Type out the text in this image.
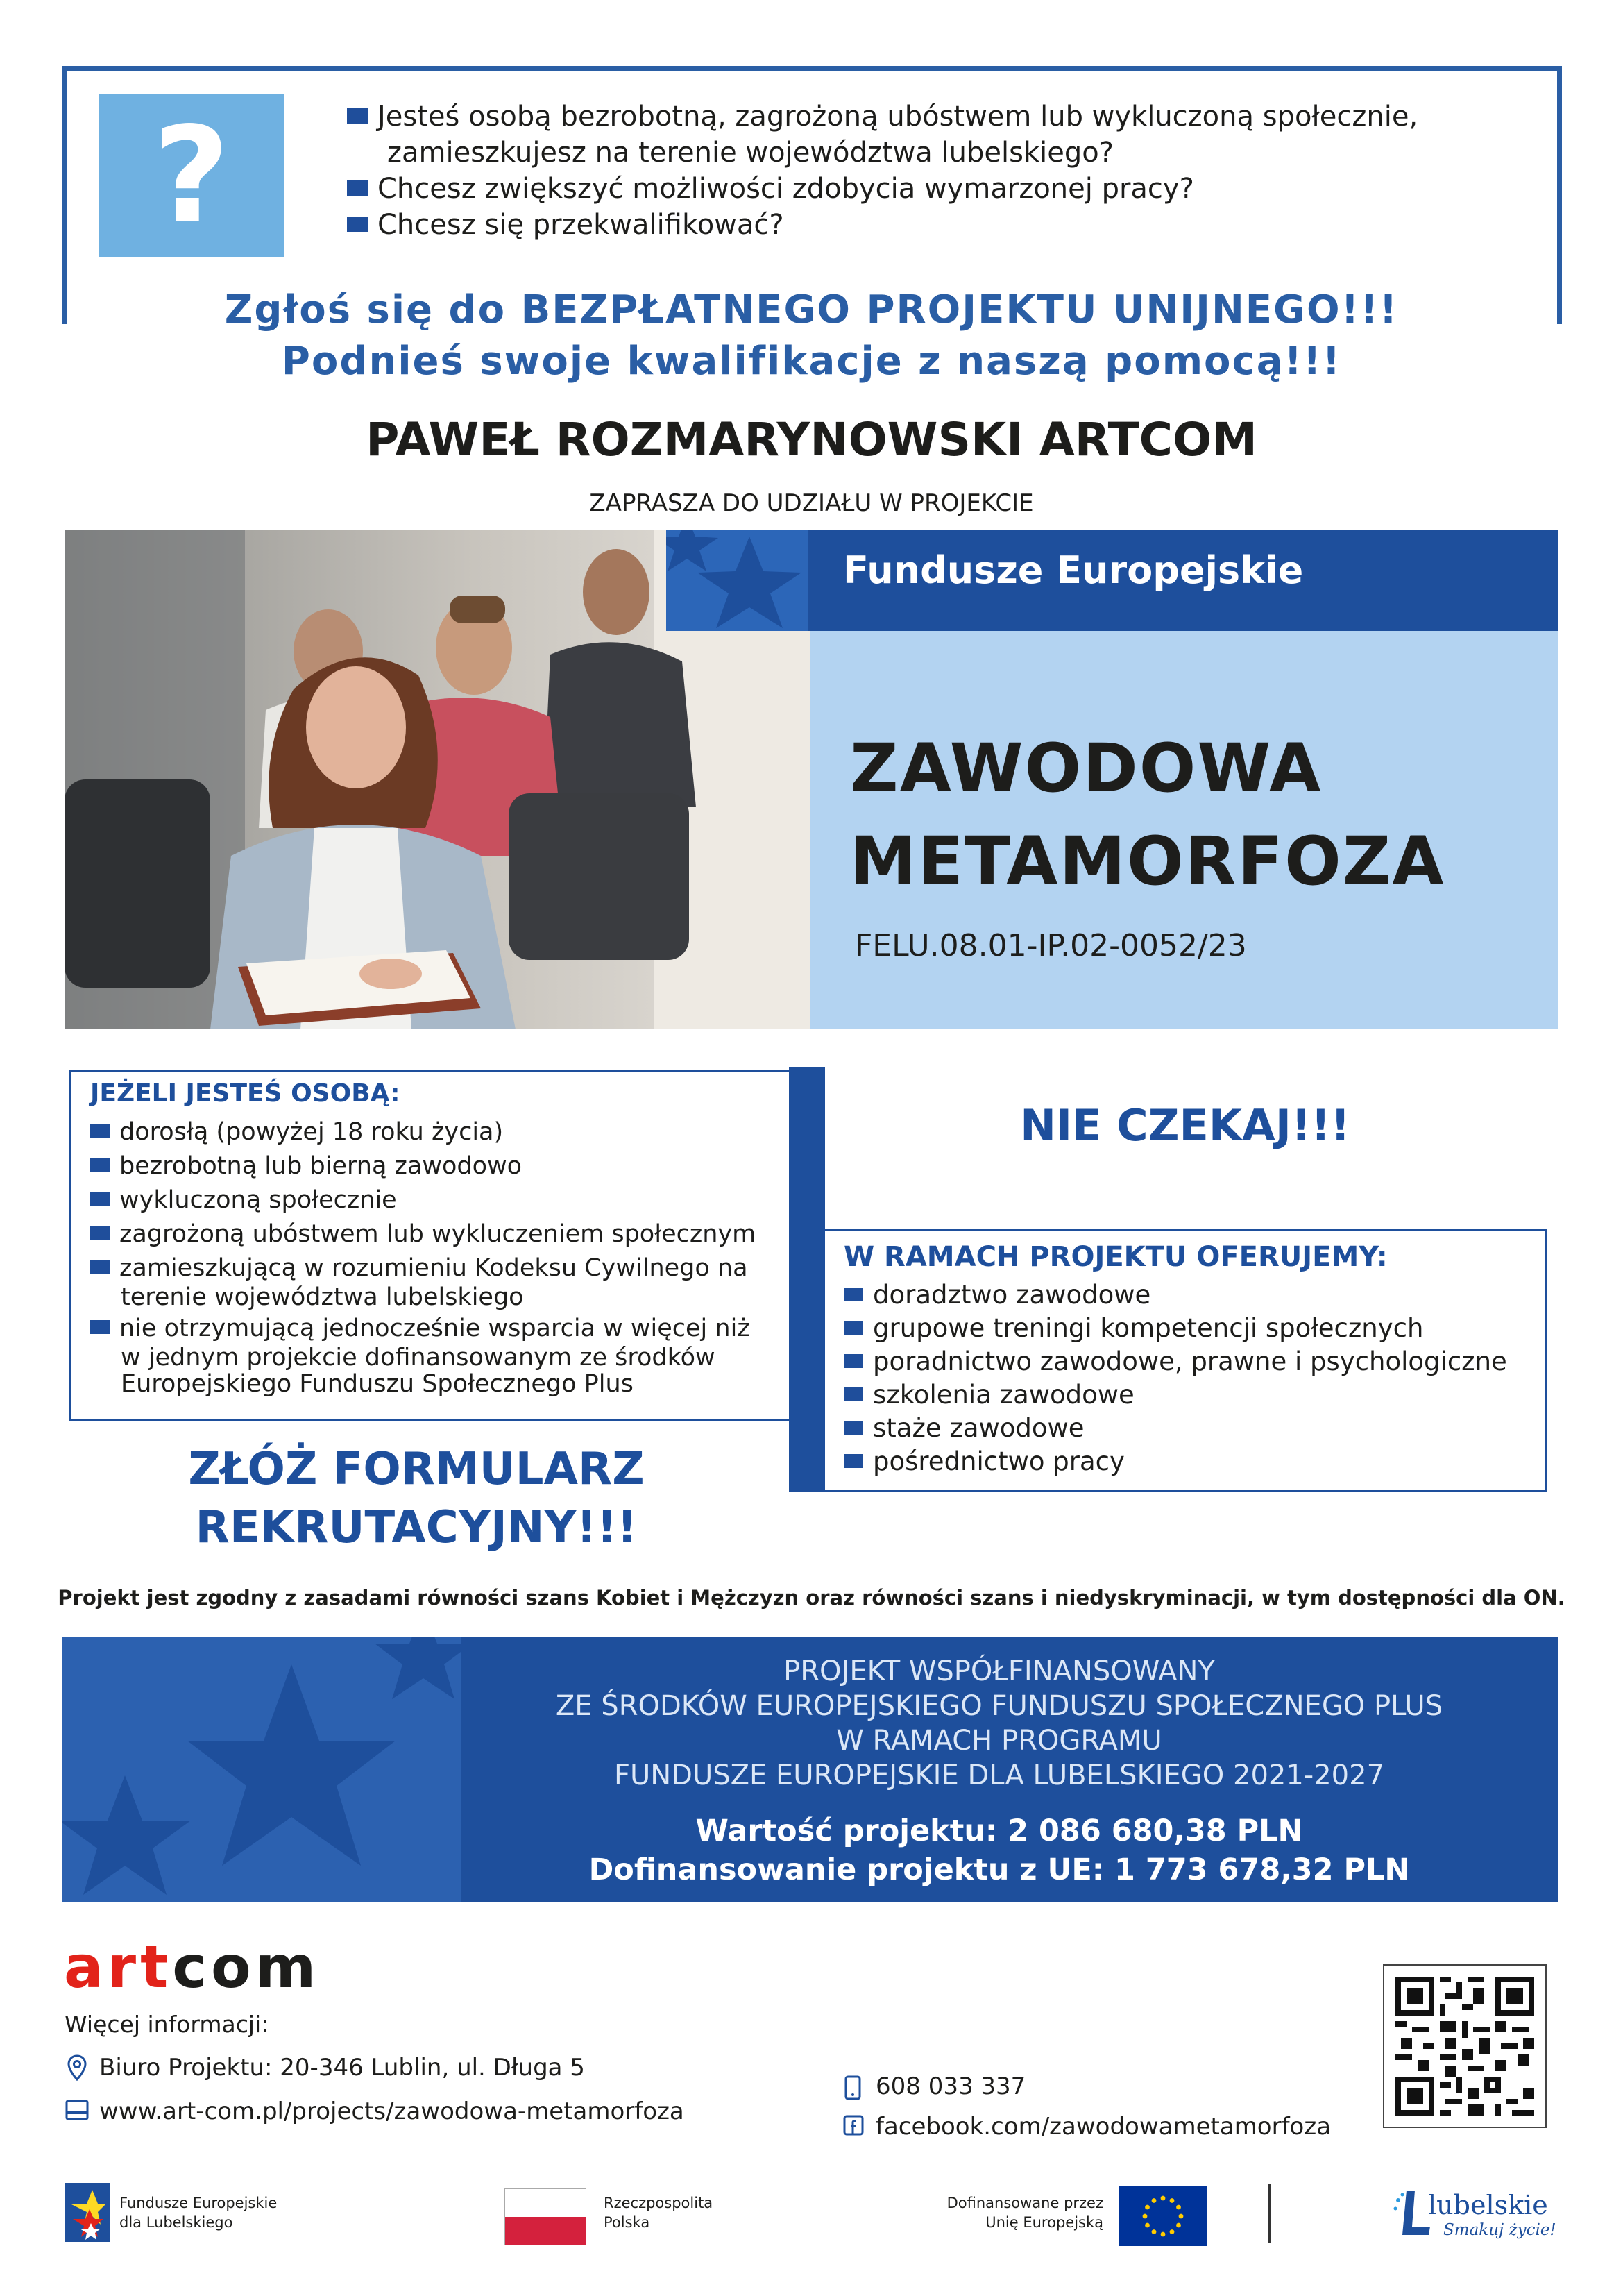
?	Jesteś osobą bezrobotną, zagrożoną ubóstwem lub wykluczoną społecznie,
zamieszkujesz na terenie województwa lubelskiego?
Chcesz zwiększyć możliwości zdobycia wymarzonej pracy?
Chcesz się przekwalifikować?
Zgłoś się do BEZPŁATNEGO PROJEKTU UNIJNEGO!!!
Podnieś swoje kwalifikacje z naszą pomocą!!!
PAWEŁ ROZMARYNOWSKI ARTCOM
ZAPRASZA DO UDZIAŁU W PROJEKCIE
Fundusze Europejskie
ZAWODOWA
METAMORFOZA
FELU.08.01-IP.02-0052/23
JEŻELI JESTEŚ OSOBĄ:
dorosłą (powyżej 18 roku życia)
bezrobotną lub bierną zawodowo
wykluczoną społecznie
zagrożoną ubóstwem lub wykluczeniem społecznym
zamieszkującą w rozumieniu Kodeksu Cywilnego na
terenie województwa lubelskiego
nie otrzymującą jednocześnie wsparcia w więcej niż
w jednym projekcie dofinansowanym ze środków
Europejskiego Funduszu Społecznego Plus
NIE CZEKAJ!!!
W RAMACH PROJEKTU OFERUJEMY:
doradztwo zawodowe
grupowe treningi kompetencji społecznych
poradnictwo zawodowe, prawne i psychologiczne
szkolenia zawodowe
staże zawodowe
pośrednictwo pracy
ZŁÓŻ FORMULARZ
REKRUTACYJNY!!!
Projekt jest zgodny z zasadami równości szans Kobiet i Mężczyzn oraz równości szans i niedyskryminacji, w tym dostępności dla ON.
PROJEKT WSPÓŁFINANSOWANY
ZE ŚRODKÓW EUROPEJSKIEGO FUNDUSZU SPOŁECZNEGO PLUS
W RAMACH PROGRAMU
FUNDUSZE EUROPEJSKIE DLA LUBELSKIEGO 2021-2027
Wartość projektu: 2 086 680,38 PLN
Dofinansowanie projektu z UE: 1 773 678,32 PLN
artcom
Więcej informacji:
Biuro Projektu: 20-346 Lublin, ul. Długa 5
www.art-com.pl/projects/zawodowa-metamorfoza
608 033 337
facebook.com/zawodowametamorfoza
Fundusze Europejskie
dla Lubelskiego
Rzeczpospolita
Polska
Dofinansowane przez
Unię Europejską
lubelskie
Smakuj życie!
